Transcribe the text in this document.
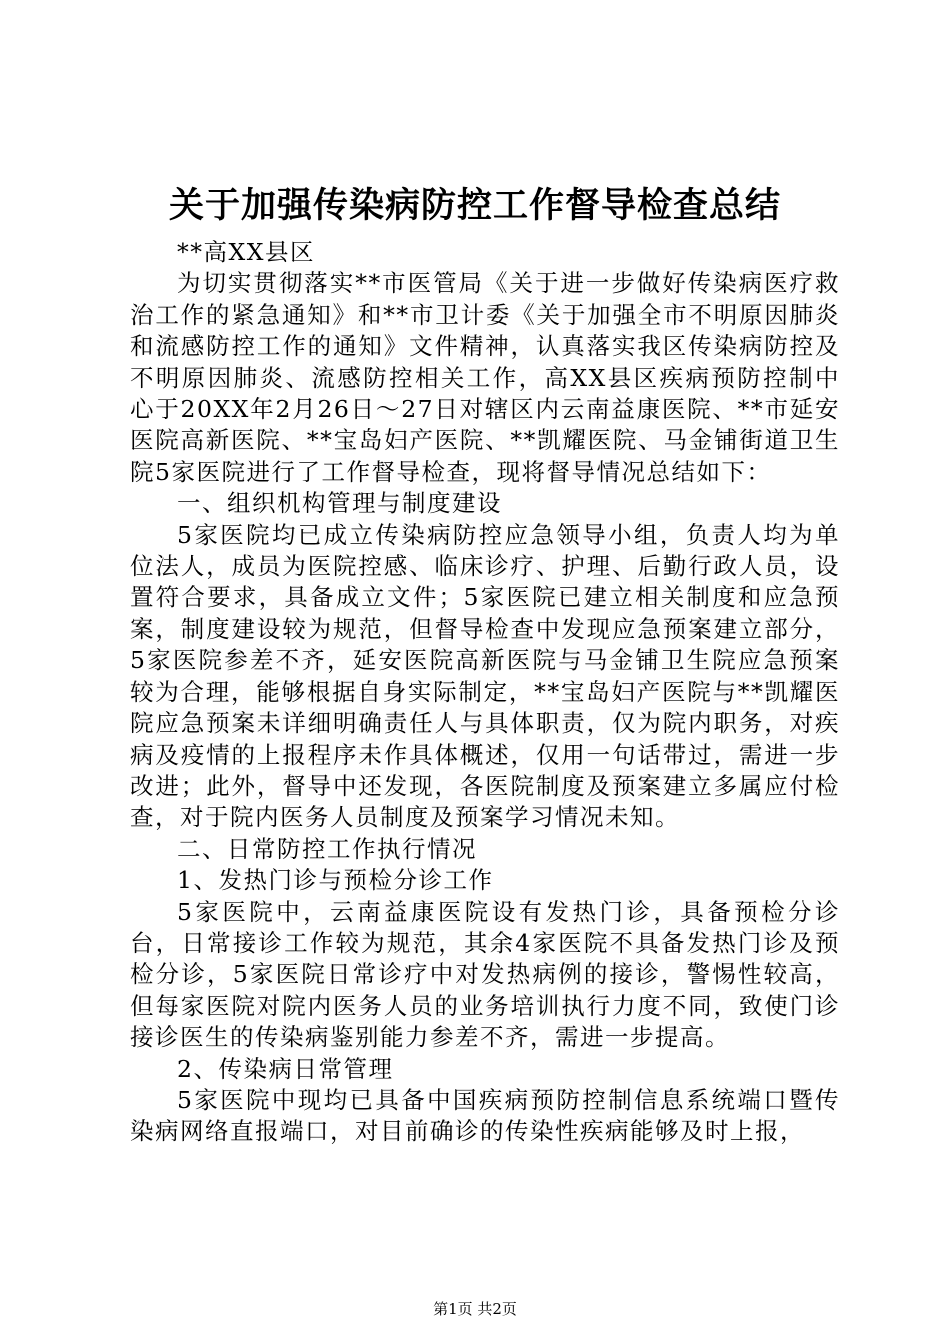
关于加强传染病防控工作督导检查总结

**高XX县区

为切实贯彻落实**市医管局《关于进一步做好传染病医疗救治工作的紧急通知》和**市卫计委《关于加强全市不明原因肺炎和流感防控工作的通知》文件精神，认真落实我区传染病防控及不明原因肺炎、流感防控相关工作，高XX县区疾病预防控制中心于20XX年2月26日～27日对辖区内云南益康医院、**市延安医院高新医院、**宝岛妇产医院、**凯耀医院、马金铺街道卫生院5家医院进行了工作督导检查，现将督导情况总结如下：

一、组织机构管理与制度建设

5家医院均已成立传染病防控应急领导小组，负责人均为单位法人，成员为医院控感、临床诊疗、护理、后勤行政人员，设置符合要求，具备成立文件；5家医院已建立相关制度和应急预案，制度建设较为规范，但督导检查中发现应急预案建立部分，5家医院参差不齐，延安医院高新医院与马金铺卫生院应急预案较为合理，能够根据自身实际制定，**宝岛妇产医院与**凯耀医院应急预案未详细明确责任人与具体职责，仅为院内职务，对疾病及疫情的上报程序未作具体概述，仅用一句话带过，需进一步改进；此外，督导中还发现，各医院制度及预案建立多属应付检查，对于院内医务人员制度及预案学习情况未知。

二、日常防控工作执行情况

1、发热门诊与预检分诊工作

5家医院中，云南益康医院设有发热门诊，具备预检分诊台，日常接诊工作较为规范，其余4家医院不具备发热门诊及预检分诊，5家医院日常诊疗中对发热病例的接诊，警惕性较高，但每家医院对院内医务人员的业务培训执行力度不同，致使门诊接诊医生的传染病鉴别能力参差不齐，需进一步提高。

2、传染病日常管理

5家医院中现均已具备中国疾病预防控制信息系统端口暨传染病网络直报端口，对目前确诊的传染性疾病能够及时上报，

第1页 共2页
